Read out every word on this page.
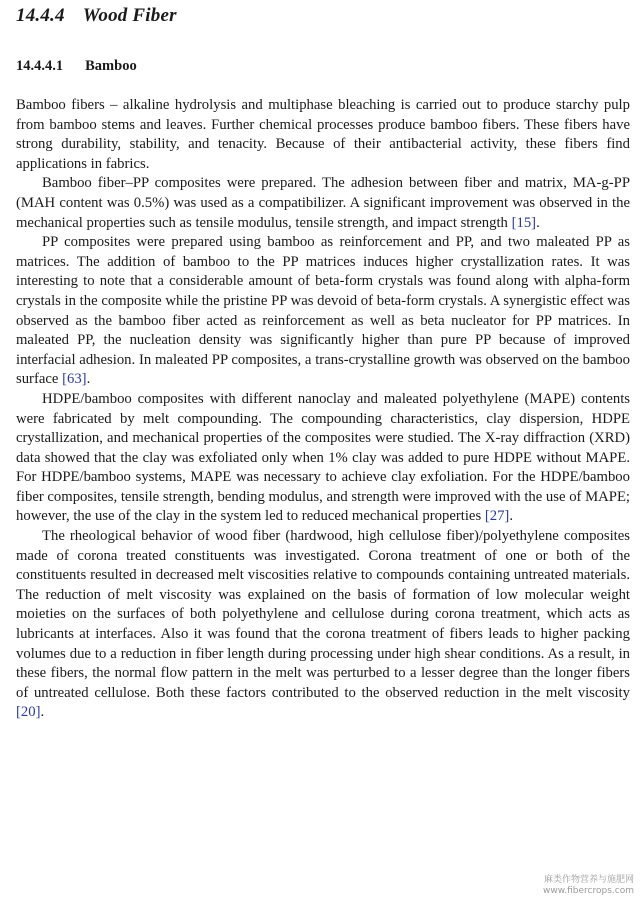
14.4.4 Wood Fiber
14.4.4.1 Bamboo

Bamboo fibers – alkaline hydrolysis and multiphase bleaching is carried out to produce starchy pulp from bamboo stems and leaves. Further chemical processes produce bamboo fibers. These fibers have strong durability, stability, and tenacity. Because of their antibacterial activity, these fibers find applications in fabrics.

Bamboo fiber–PP composites were prepared. The adhesion between fiber and matrix, MA-g-PP (MAH content was 0.5%) was used as a compatibilizer. A significant improvement was observed in the mechanical properties such as tensile modulus, tensile strength, and impact strength [15].

PP composites were prepared using bamboo as reinforcement and PP, and two maleated PP as matrices. The addition of bamboo to the PP matrices induces higher crystallization rates. It was interesting to note that a considerable amount of beta-form crystals was found along with alpha-form crystals in the composite while the pristine PP was devoid of beta-form crystals. A synergistic effect was observed as the bamboo fiber acted as reinforcement as well as beta nucleator for PP matrices. In maleated PP, the nucleation density was significantly higher than pure PP because of improved interfacial adhesion. In maleated PP composites, a trans-crystalline growth was observed on the bamboo surface [63].

HDPE/bamboo composites with different nanoclay and maleated polyethylene (MAPE) contents were fabricated by melt compounding. The compounding characteristics, clay dispersion, HDPE crystallization, and mechanical properties of the composites were studied. The X-ray diffraction (XRD) data showed that the clay was exfoliated only when 1% clay was added to pure HDPE without MAPE. For HDPE/bamboo systems, MAPE was necessary to achieve clay exfoliation. For the HDPE/bamboo fiber composites, tensile strength, bending modulus, and strength were improved with the use of MAPE; however, the use of the clay in the system led to reduced mechanical properties [27].

The rheological behavior of wood fiber (hardwood, high cellulose fiber)/polyethylene composites made of corona treated constituents was investigated. Corona treatment of one or both of the constituents resulted in decreased melt viscosities relative to compounds containing untreated materials. The reduction of melt viscosity was explained on the basis of formation of low molecular weight moieties on the surfaces of both polyethylene and cellulose during corona treatment, which acts as lubricants at interfaces. Also it was found that the corona treatment of fibers leads to higher packing volumes due to a reduction in fiber length during processing under high shear conditions. As a result, in these fibers, the normal flow pattern in the melt was perturbed to a lesser degree than the longer fibers of untreated cellulose. Both these factors contributed to the observed reduction in the melt viscosity [20].

麻类作物营养与施肥网
www.fibercrops.com
